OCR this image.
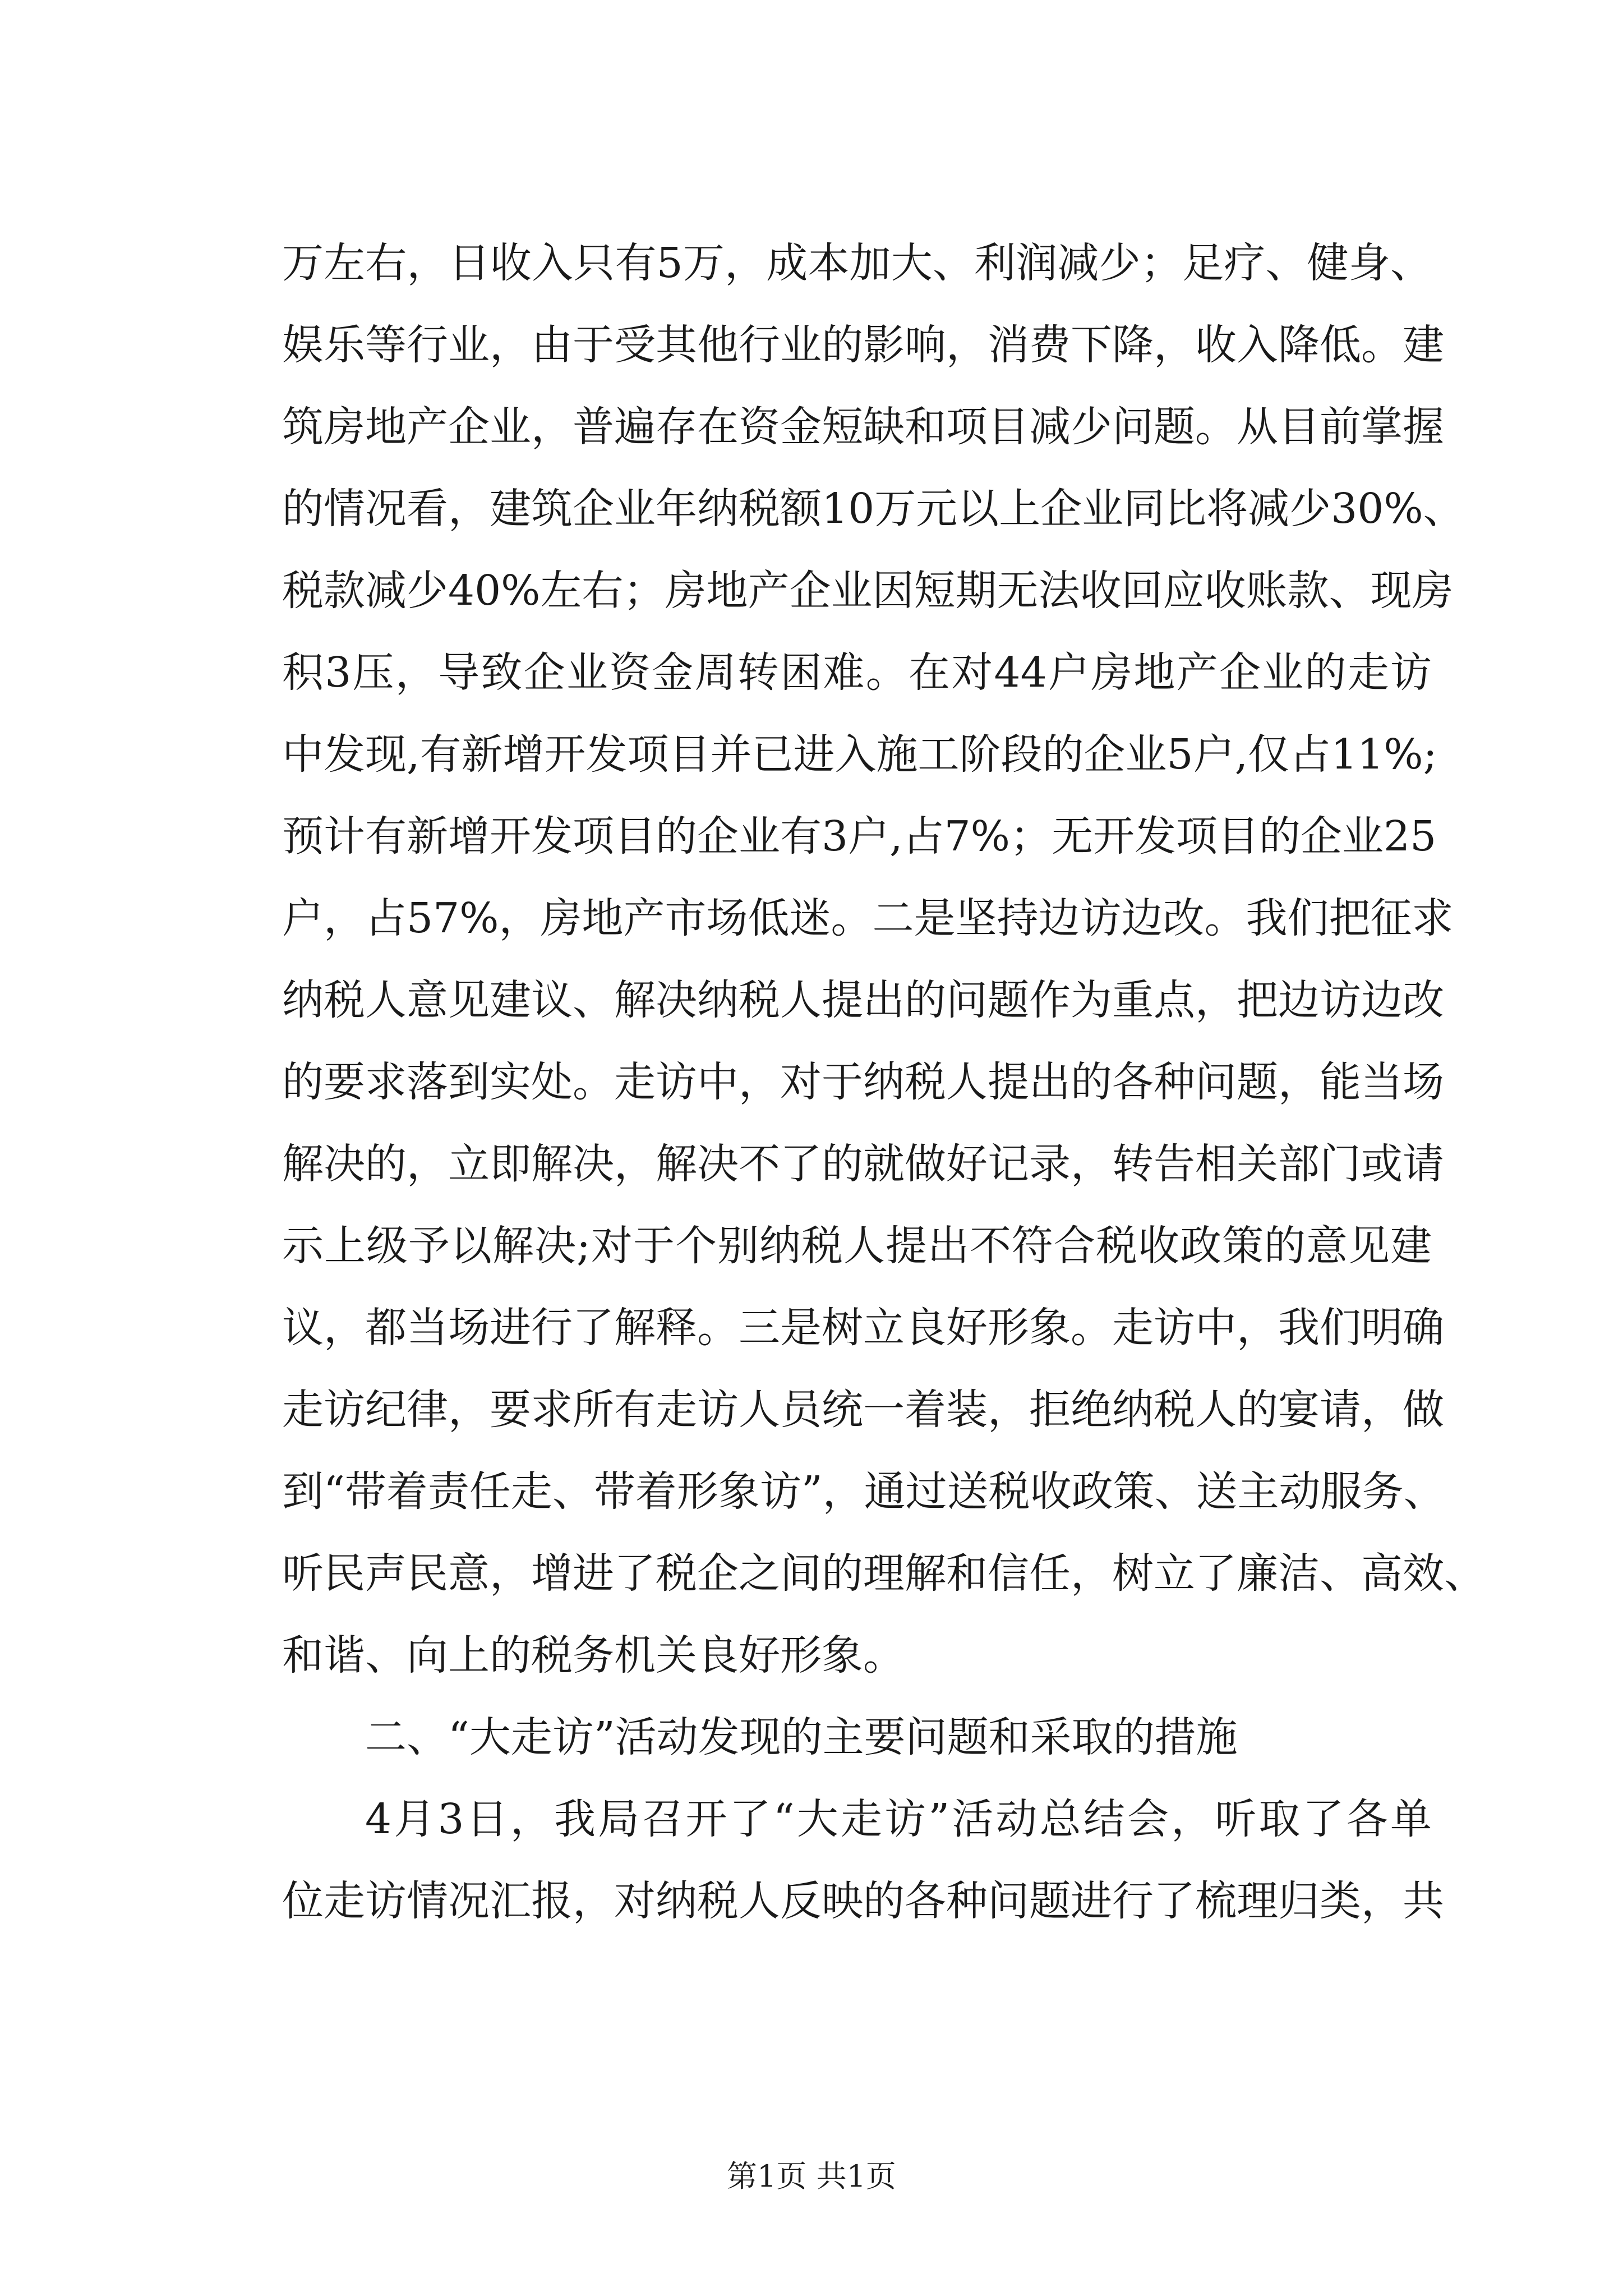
万左右，日收入只有5万，成本加大、利润减少；足疗、健身、
娱乐等行业，由于受其他行业的影响，消费下降，收入降低。建
筑房地产企业，普遍存在资金短缺和项目减少问题。从目前掌握
的情况看，建筑企业年纳税额10万元以上企业同比将减少30%、
税款减少40%左右；房地产企业因短期无法收回应收账款、现房
积3压，导致企业资金周转困难。在对44户房地产企业的走访
中发现,有新增开发项目并已进入施工阶段的企业5户,仅占11%;
预计有新增开发项目的企业有3户,占7%；无开发项目的企业25
户，占57%，房地产市场低迷。二是坚持边访边改。我们把征求
纳税人意见建议、解决纳税人提出的问题作为重点，把边访边改
的要求落到实处。走访中，对于纳税人提出的各种问题，能当场
解决的，立即解决，解决不了的就做好记录，转告相关部门或请
示上级予以解决;对于个别纳税人提出不符合税收政策的意见建
议，都当场进行了解释。三是树立良好形象。走访中，我们明确
走访纪律，要求所有走访人员统一着装，拒绝纳税人的宴请，做
到“带着责任走、带着形象访”，通过送税收政策、送主动服务、
听民声民意，增进了税企之间的理解和信任，树立了廉洁、高效、
和谐、向上的税务机关良好形象。
二、“大走访”活动发现的主要问题和采取的措施
4月3日，我局召开了“大走访”活动总结会，听取了各单
位走访情况汇报，对纳税人反映的各种问题进行了梳理归类，共
第1页 共1页
